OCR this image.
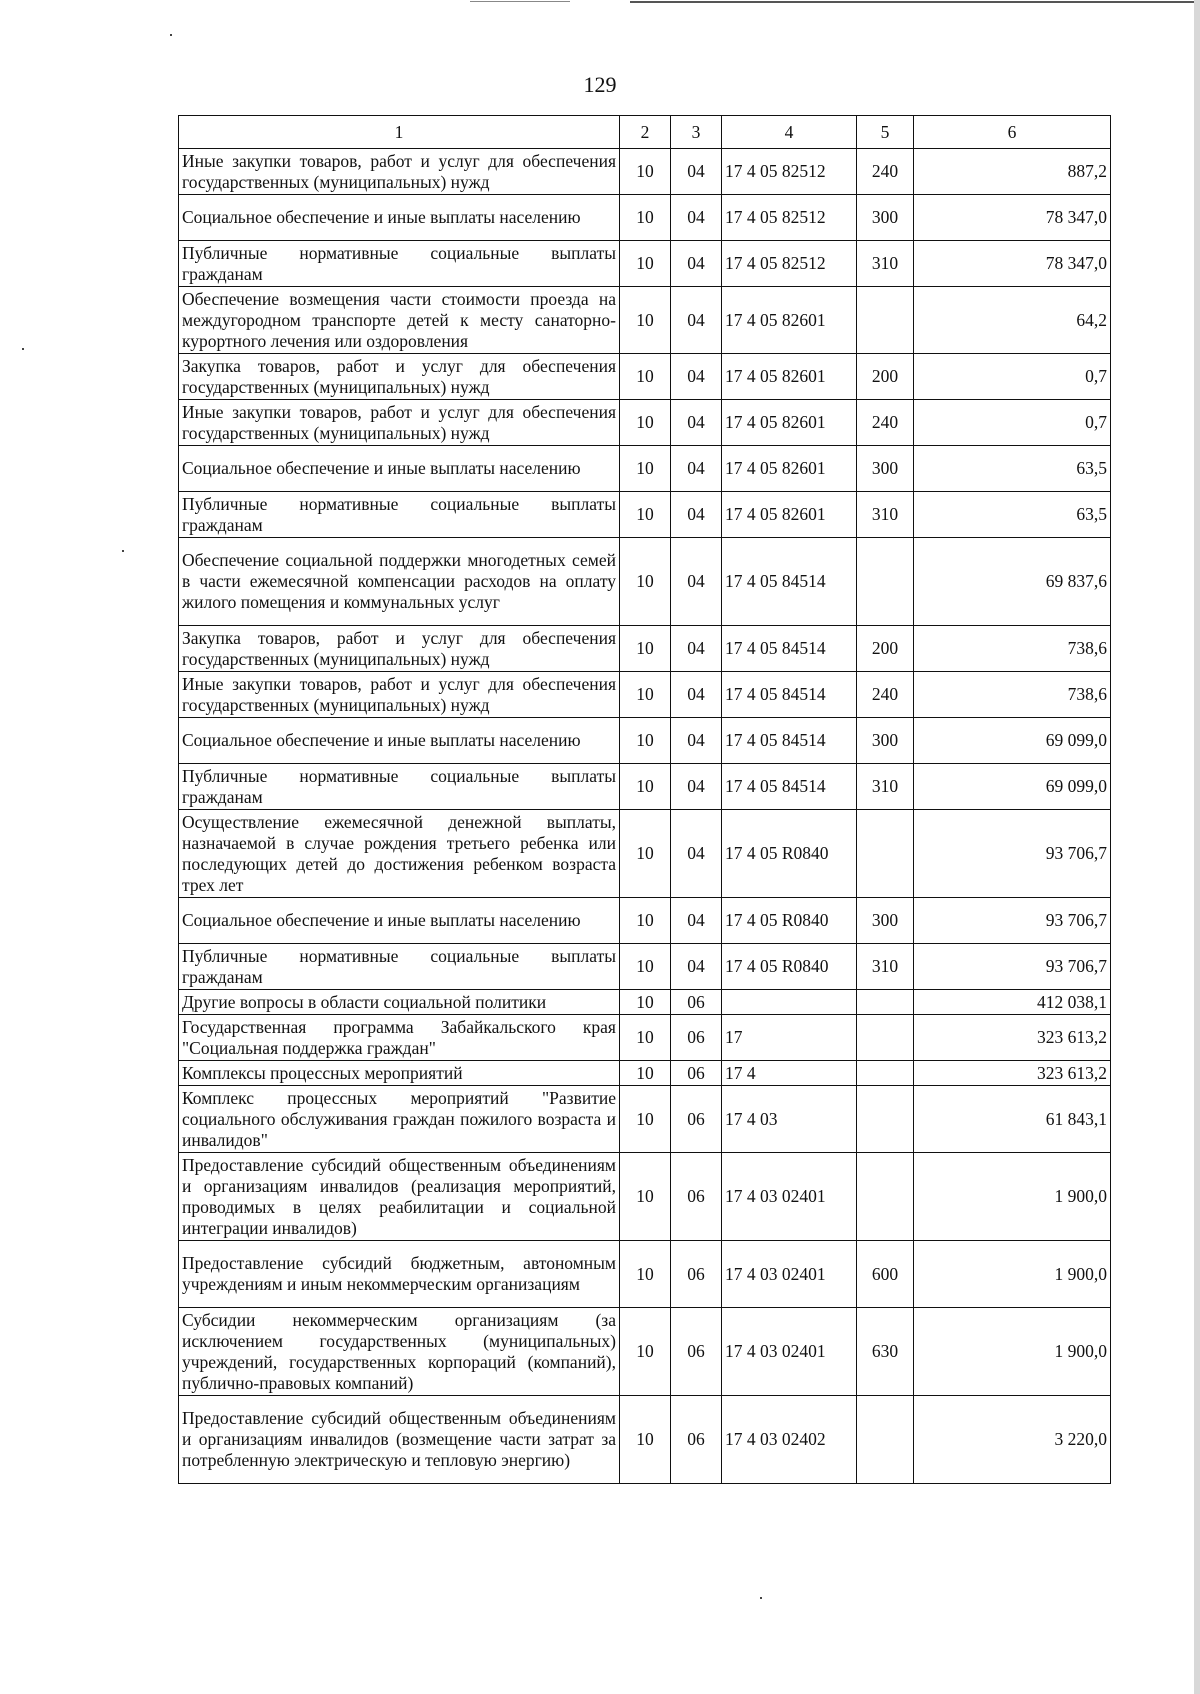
129
1	2	3	4	5	6
Иные закупки товаров, работ и услуг для обеспечения государственных (муниципальных) нужд	10	04	17 4 05 82512	240	887,2
Социальное обеспечение и иные выплаты населению	10	04	17 4 05 82512	300	78 347,0
Публичные нормативные социальные выплаты гражданам	10	04	17 4 05 82512	310	78 347,0
Обеспечение возмещения части стоимости проезда на междугородном транспорте детей к месту санаторно-курортного лечения или оздоровления	10	04	17 4 05 82601		64,2
Закупка товаров, работ и услуг для обеспечения государственных (муниципальных) нужд	10	04	17 4 05 82601	200	0,7
Иные закупки товаров, работ и услуг для обеспечения государственных (муниципальных) нужд	10	04	17 4 05 82601	240	0,7
Социальное обеспечение и иные выплаты населению	10	04	17 4 05 82601	300	63,5
Публичные нормативные социальные выплаты гражданам	10	04	17 4 05 82601	310	63,5
Обеспечение социальной поддержки многодетных семей в части ежемесячной компенсации расходов на оплату жилого помещения и коммунальных услуг	10	04	17 4 05 84514		69 837,6
Закупка товаров, работ и услуг для обеспечения государственных (муниципальных) нужд	10	04	17 4 05 84514	200	738,6
Иные закупки товаров, работ и услуг для обеспечения государственных (муниципальных) нужд	10	04	17 4 05 84514	240	738,6
Социальное обеспечение и иные выплаты населению	10	04	17 4 05 84514	300	69 099,0
Публичные нормативные социальные выплаты гражданам	10	04	17 4 05 84514	310	69 099,0
Осуществление ежемесячной денежной выплаты, назначаемой в случае рождения третьего ребенка или последующих детей до достижения ребенком возраста трех лет	10	04	17 4 05 R0840		93 706,7
Социальное обеспечение и иные выплаты населению	10	04	17 4 05 R0840	300	93 706,7
Публичные нормативные социальные выплаты гражданам	10	04	17 4 05 R0840	310	93 706,7
Другие вопросы в области социальной политики	10	06			412 038,1
Государственная программа Забайкальского края "Социальная поддержка граждан"	10	06	17		323 613,2
Комплексы процессных мероприятий	10	06	17 4		323 613,2
Комплекс процессных мероприятий "Развитие социального обслуживания граждан пожилого возраста и инвалидов"	10	06	17 4 03		61 843,1
Предоставление субсидий общественным объединениям и организациям инвалидов (реализация мероприятий, проводимых в целях реабилитации и социальной интеграции инвалидов)	10	06	17 4 03 02401		1 900,0
Предоставление субсидий бюджетным, автономным учреждениям и иным некоммерческим организациям	10	06	17 4 03 02401	600	1 900,0
Субсидии некоммерческим организациям (за исключением государственных (муниципальных) учреждений, государственных корпораций (компаний), публично-правовых компаний)	10	06	17 4 03 02401	630	1 900,0
Предоставление субсидий общественным объединениям и организациям инвалидов (возмещение части затрат за потребленную электрическую и тепловую энергию)	10	06	17 4 03 02402		3 220,0
